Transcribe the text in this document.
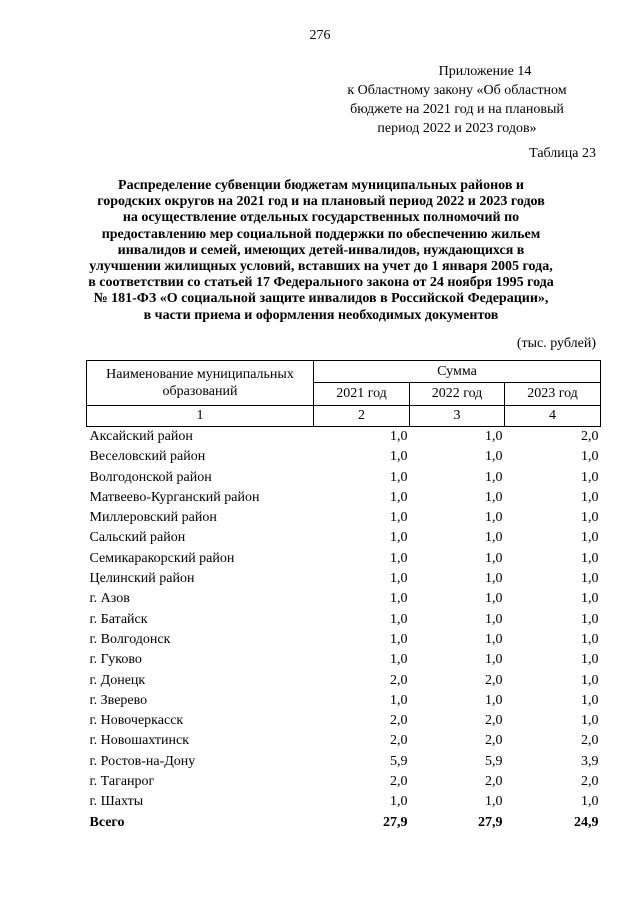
276
Приложение 14
к Областному закону «Об областном
бюджете на 2021 год и на плановый
период 2022 и 2023 годов»
Таблица 23
Распределение субвенции бюджетам муниципальных районов и
городских округов на 2021 год и на плановый период 2022 и 2023 годов
на осуществление отдельных государственных полномочий по
предоставлению мер социальной поддержки по обеспечению жильем
инвалидов и семей, имеющих детей-инвалидов, нуждающихся в
улучшении жилищных условий, вставших на учет до 1 января 2005 года,
в соответствии со статьей 17 Федерального закона от 24 ноября 1995 года
№ 181-ФЗ «О социальной защите инвалидов в Российской Федерации»,
в части приема и оформления необходимых документов
(тыс. рублей)
Наименование муниципальных образований	Сумма		
	2021 год	2022 год	2023 год
1	2	3	4
Аксайский район	1,0	1,0	2,0
Веселовский район	1,0	1,0	1,0
Волгодонской район	1,0	1,0	1,0
Матвеево-Курганский район	1,0	1,0	1,0
Миллеровский район	1,0	1,0	1,0
Сальский район	1,0	1,0	1,0
Семикаракорский район	1,0	1,0	1,0
Целинский район	1,0	1,0	1,0
г. Азов	1,0	1,0	1,0
г. Батайск	1,0	1,0	1,0
г. Волгодонск	1,0	1,0	1,0
г. Гуково	1,0	1,0	1,0
г. Донецк	2,0	2,0	1,0
г. Зверево	1,0	1,0	1,0
г. Новочеркасск	2,0	2,0	1,0
г. Новошахтинск	2,0	2,0	2,0
г. Ростов-на-Дону	5,9	5,9	3,9
г. Таганрог	2,0	2,0	2,0
г. Шахты	1,0	1,0	1,0
Всего	27,9	27,9	24,9
